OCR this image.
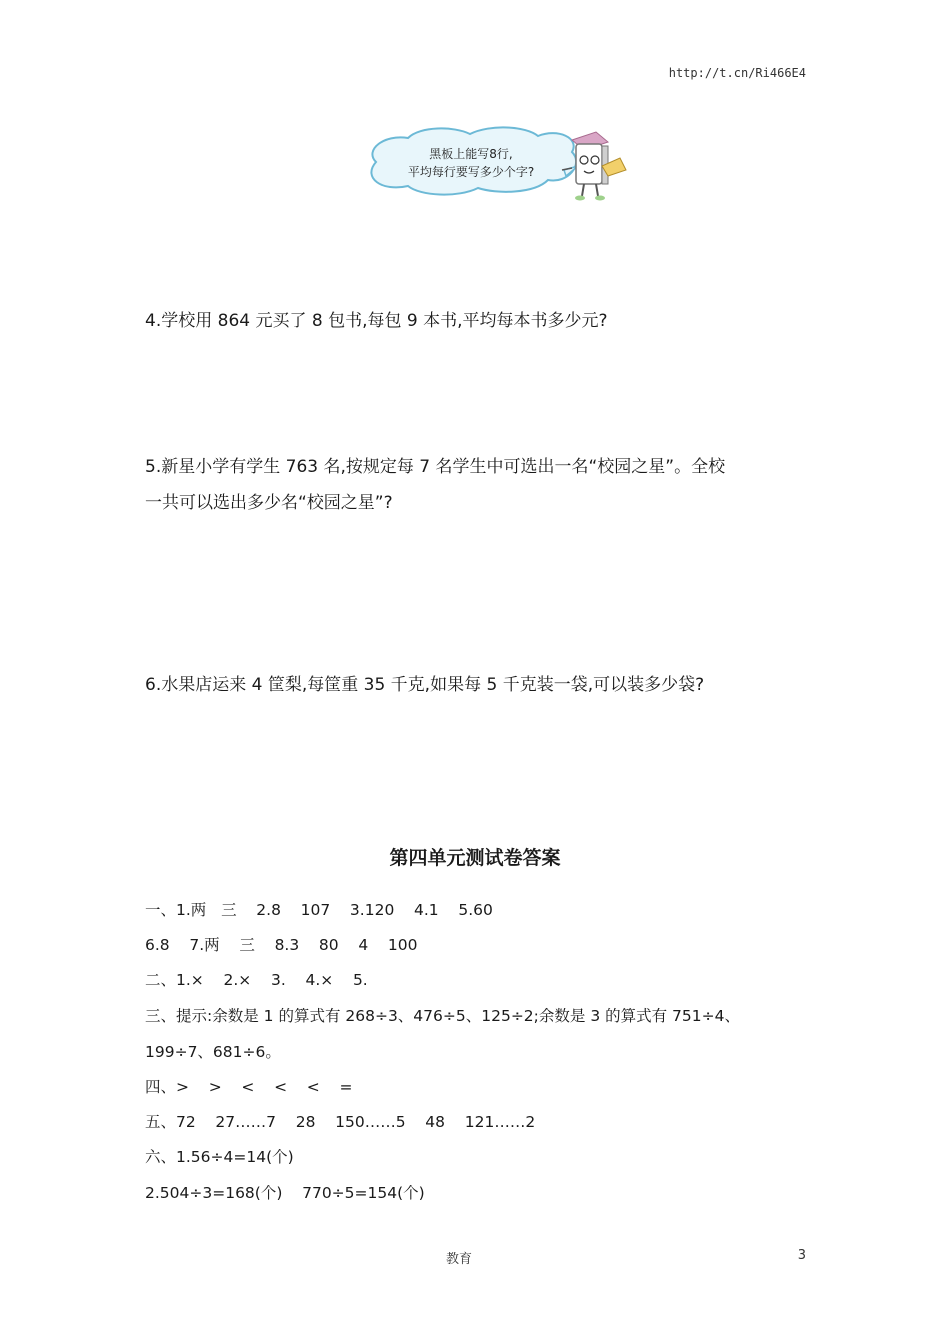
http://t.cn/Ri466E4
黑板上能写8行,
平均每行要写多少个字?
4.学校用 864 元买了 8 包书,每包 9 本书,平均每本书多少元?
5.新星小学有学生 763 名,按规定每 7 名学生中可选出一名“校园之星”。全校
一共可以选出多少名“校园之星”?
6.水果店运来 4 筐梨,每筐重 35 千克,如果每 5 千克装一袋,可以装多少袋?
第四单元测试卷答案
一、1.两   三    2.8    107    3.120    4.1    5.60
6.8    7.两    三    8.3    80    4    100
二、1.×    2.×    3.    4.×    5.
三、提示:余数是 1 的算式有 268÷3、476÷5、125÷2;余数是 3 的算式有 751÷4、
199÷7、681÷6。
四、>    >    <    <    <    =
五、72    27……7    28    150……5    48    121……2
六、1.56÷4=14(个)
2.504÷3=168(个)    770÷5=154(个)
教育	3
